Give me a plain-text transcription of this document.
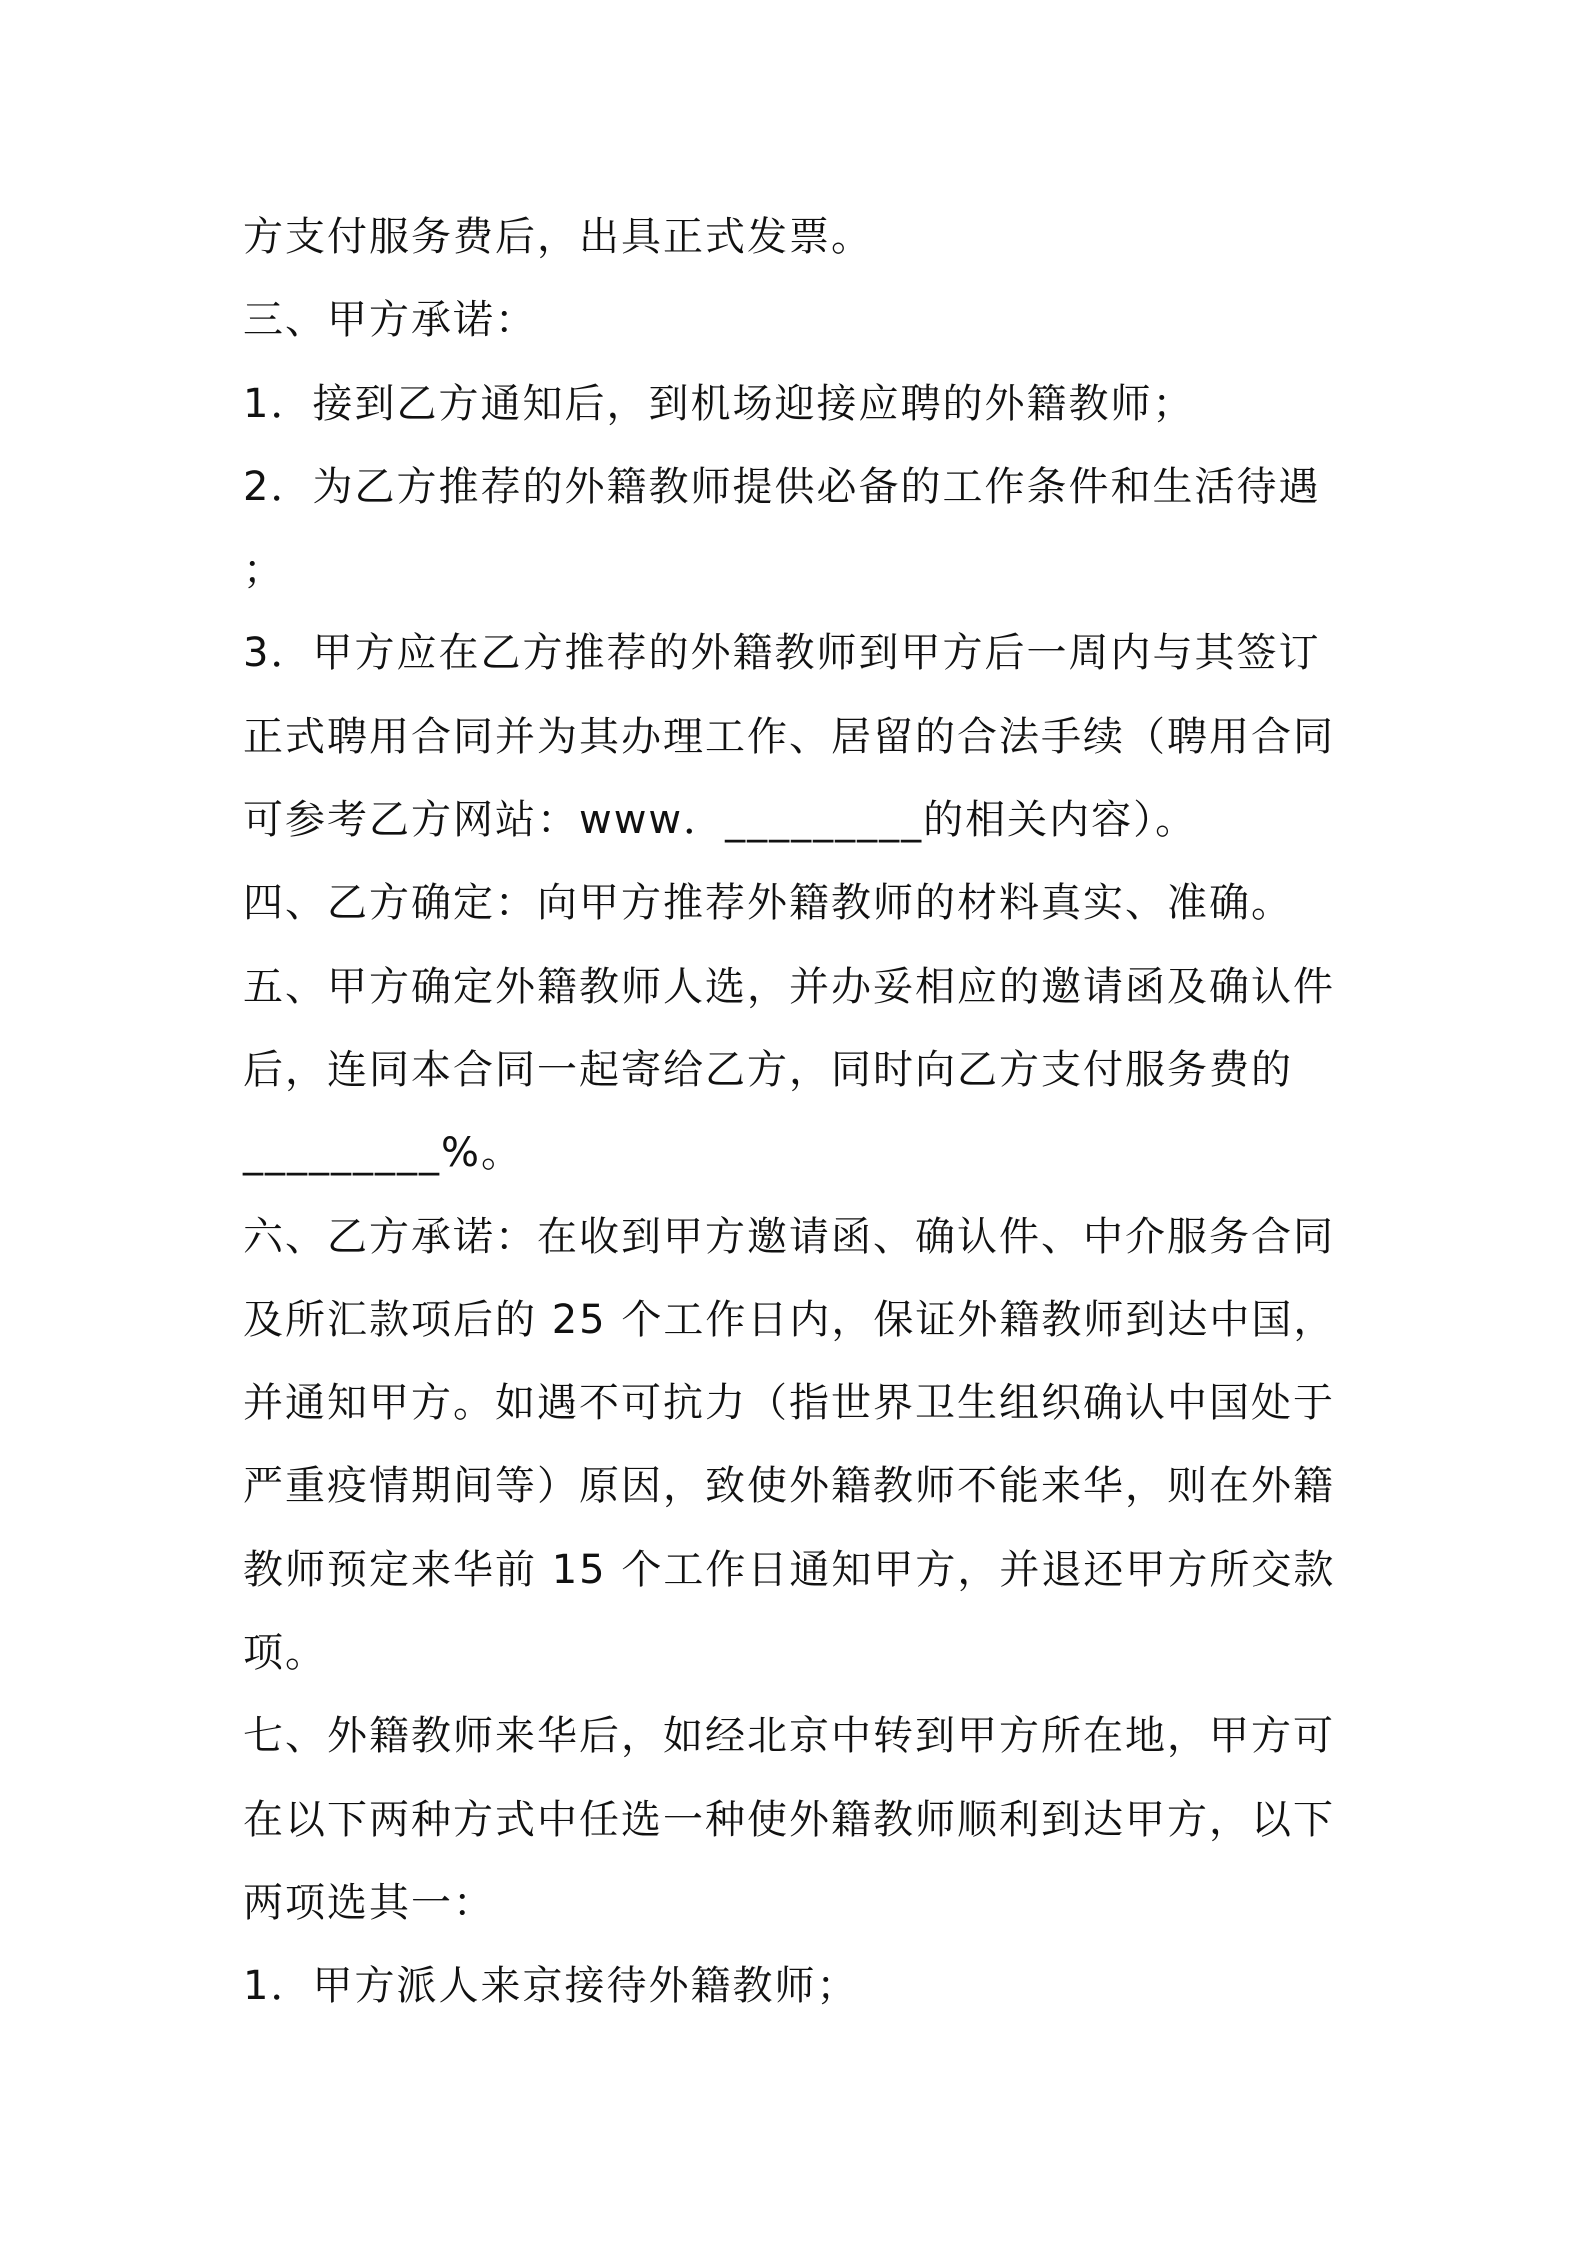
方支付服务费后，出具正式发票。
三、甲方承诺：
1．接到乙方通知后，到机场迎接应聘的外籍教师；
2．为乙方推荐的外籍教师提供必备的工作条件和生活待遇
；
3．甲方应在乙方推荐的外籍教师到甲方后一周内与其签订
正式聘用合同并为其办理工作、居留的合法手续（聘用合同
可参考乙方网站：www．_________的相关内容）。
四、乙方确定：向甲方推荐外籍教师的材料真实、准确。
五、甲方确定外籍教师人选，并办妥相应的邀请函及确认件
后，连同本合同一起寄给乙方，同时向乙方支付服务费的
_________%。
六、乙方承诺：在收到甲方邀请函、确认件、中介服务合同
及所汇款项后的 25 个工作日内，保证外籍教师到达中国，
并通知甲方。如遇不可抗力（指世界卫生组织确认中国处于
严重疫情期间等）原因，致使外籍教师不能来华，则在外籍
教师预定来华前 15 个工作日通知甲方，并退还甲方所交款
项。
七、外籍教师来华后，如经北京中转到甲方所在地，甲方可
在以下两种方式中任选一种使外籍教师顺利到达甲方，以下
两项选其一：
1．甲方派人来京接待外籍教师；
